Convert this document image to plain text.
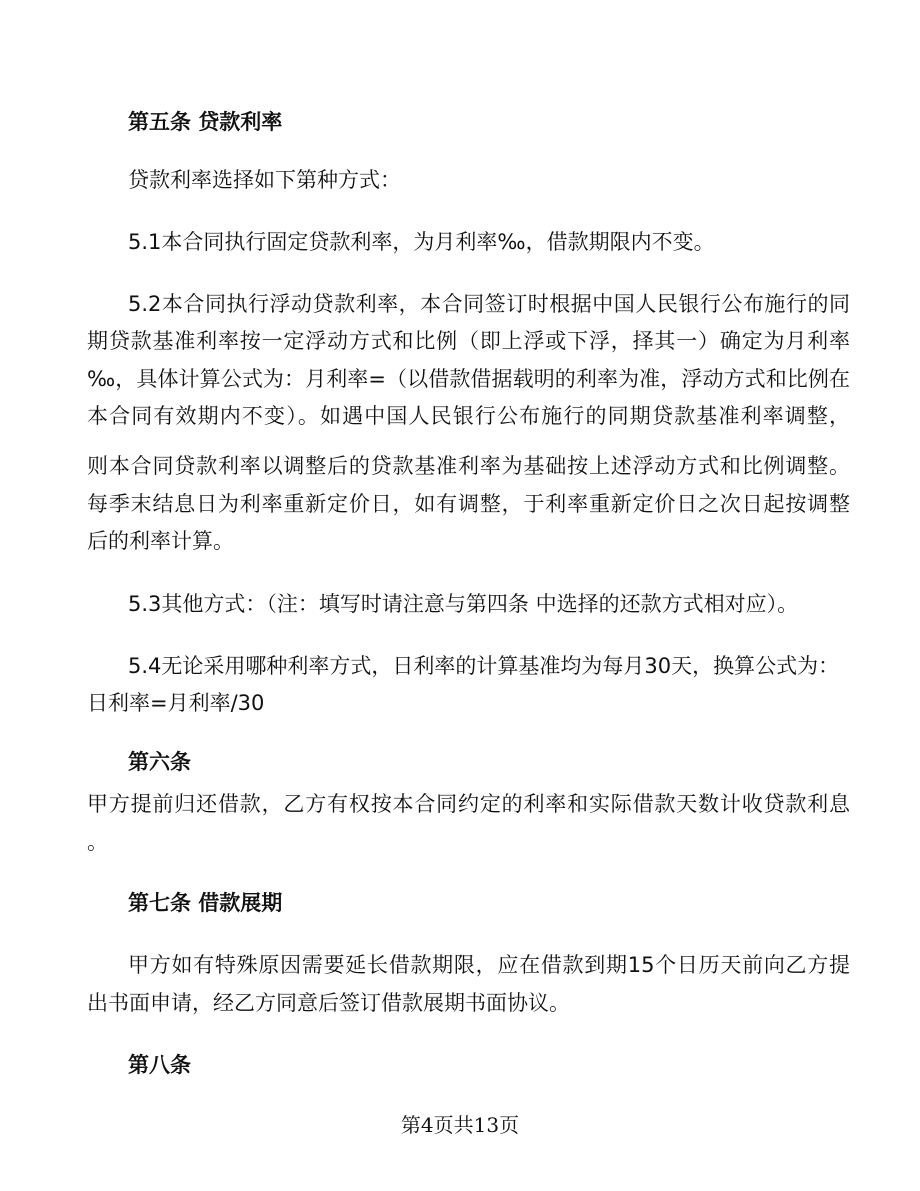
第五条 贷款利率
贷款利率选择如下第种方式：
5.1本合同执行固定贷款利率，为月利率‰，借款期限内不变。
5.2本合同执行浮动贷款利率，本合同签订时根据中国人民银行公布施行的同
期贷款基准利率按一定浮动方式和比例（即上浮或下浮，择其一）确定为月利率
‰，具体计算公式为：月利率=（以借款借据载明的利率为准，浮动方式和比例在
本合同有效期内不变）。如遇中国人民银行公布施行的同期贷款基准利率调整，
则本合同贷款利率以调整后的贷款基准利率为基础按上述浮动方式和比例调整。
每季末结息日为利率重新定价日，如有调整，于利率重新定价日之次日起按调整
后的利率计算。
5.3其他方式：（注：填写时请注意与第四条 中选择的还款方式相对应）。
5.4无论采用哪种利率方式，日利率的计算基准均为每月30天，换算公式为：
日利率=月利率/30
第六条
甲方提前归还借款，乙方有权按本合同约定的利率和实际借款天数计收贷款利息
。
第七条 借款展期
甲方如有特殊原因需要延长借款期限，应在借款到期15个日历天前向乙方提
出书面申请，经乙方同意后签订借款展期书面协议。
第八条
第4页共13页
